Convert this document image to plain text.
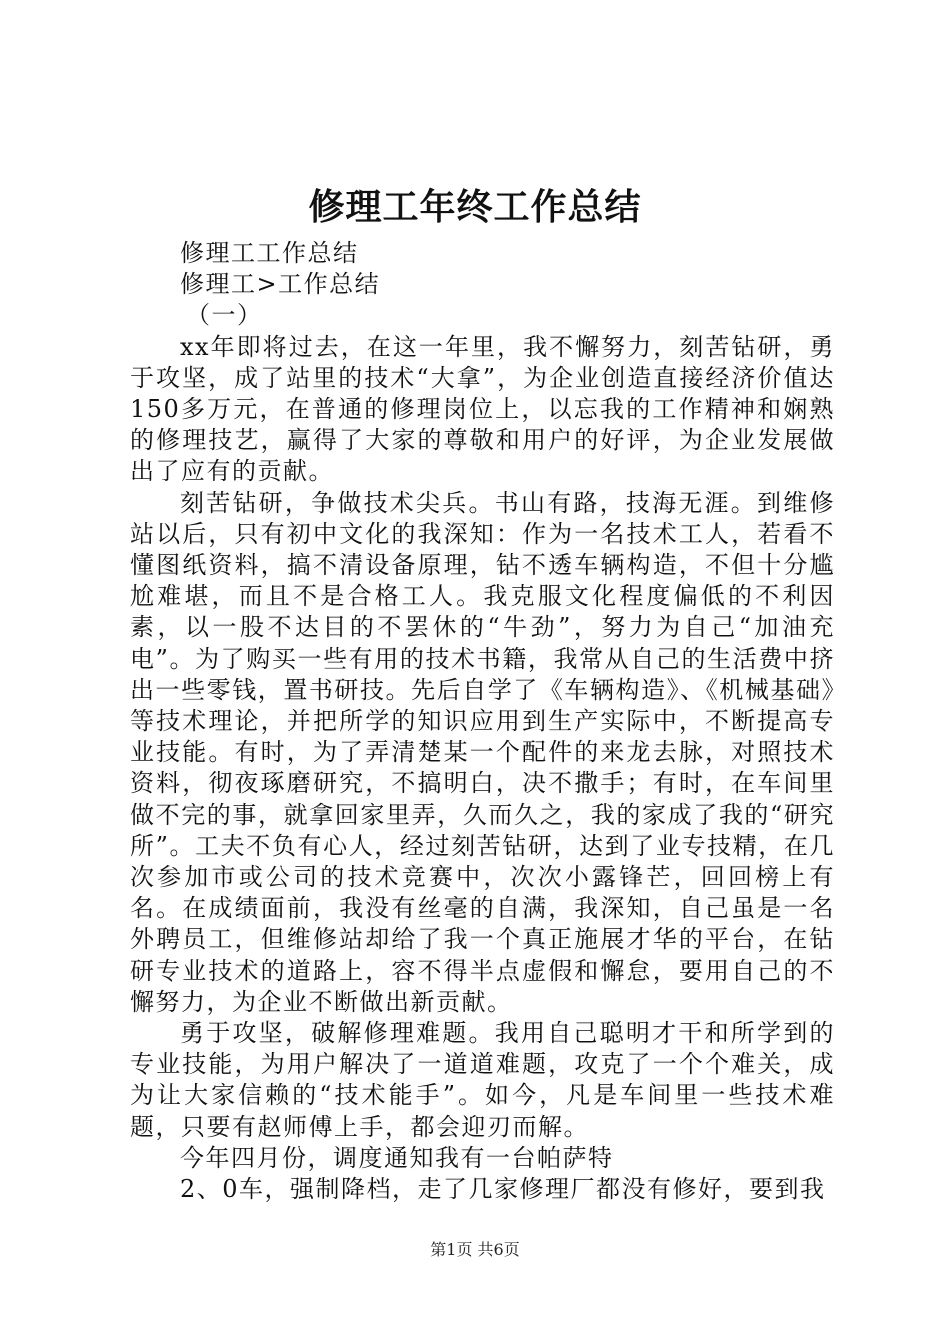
修理工年终工作总结

修理工工作总结

修理工>工作总结

（一）

xx年即将过去，在这一年里，我不懈努力，刻苦钻研，勇于攻坚，成了站里的技术“大拿”，为企业创造直接经济价值达150多万元，在普通的修理岗位上，以忘我的工作精神和娴熟的修理技艺，赢得了大家的尊敬和用户的好评，为企业发展做出了应有的贡献。

刻苦钻研，争做技术尖兵。书山有路，技海无涯。到维修站以后，只有初中文化的我深知：作为一名技术工人，若看不懂图纸资料，搞不清设备原理，钻不透车辆构造，不但十分尴尬难堪，而且不是合格工人。我克服文化程度偏低的不利因素，以一股不达目的不罢休的“牛劲”，努力为自己“加油充电”。为了购买一些有用的技术书籍，我常从自己的生活费中挤出一些零钱，置书研技。先后自学了《车辆构造》、《机械基础》等技术理论，并把所学的知识应用到生产实际中，不断提高专业技能。有时，为了弄清楚某一个配件的来龙去脉，对照技术资料，彻夜琢磨研究，不搞明白，决不撒手；有时，在车间里做不完的事，就拿回家里弄，久而久之，我的家成了我的“研究所”。工夫不负有心人，经过刻苦钻研，达到了业专技精，在几次参加市或公司的技术竞赛中，次次小露锋芒，回回榜上有名。在成绩面前，我没有丝毫的自满，我深知，自己虽是一名外聘员工，但维修站却给了我一个真正施展才华的平台，在钻研专业技术的道路上，容不得半点虚假和懈怠，要用自己的不懈努力，为企业不断做出新贡献。

勇于攻坚，破解修理难题。我用自己聪明才干和所学到的专业技能，为用户解决了一道道难题，攻克了一个个难关，成为让大家信赖的“技术能手”。如今，凡是车间里一些技术难题，只要有赵师傅上手，都会迎刃而解。

今年四月份，调度通知我有一台帕萨特

2、0车，强制降档，走了几家修理厂都没有修好，要到我

第1页 共6页
